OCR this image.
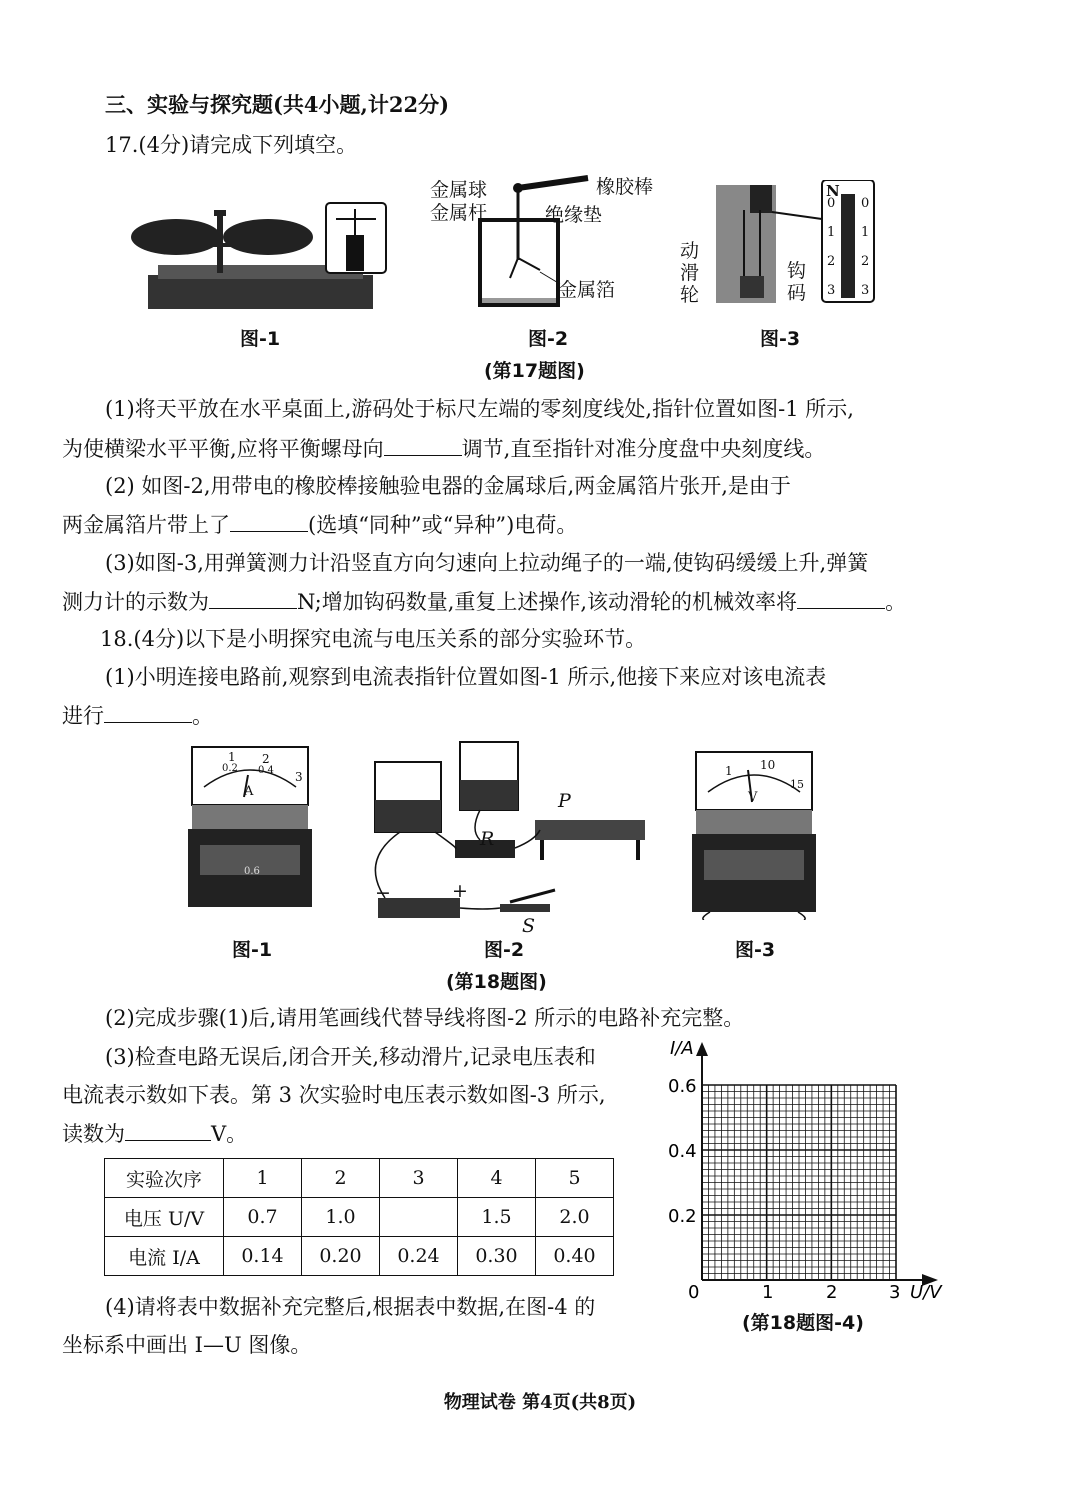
三、实验与探究题(共4小题,计22分)
17.(4分)请完成下列填空。
金属球
金属杆
橡胶棒
绝缘垫
金属箔
N
0
1
2
3
0
1
2
3
动滑轮
钩码
图-1	图-2	图-3
(第17题图)
(1)将天平放在水平桌面上,游码处于标尺左端的零刻度线处,指针位置如图-1 所示,
为使横梁水平平衡,应将平衡螺母向	调节,直至指针对准分度盘中央刻度线。
(2) 如图-2,用带电的橡胶棒接触验电器的金属球后,两金属箔片张开,是由于
两金属箔片带上了	(选填“同种”或“异种”)电荷。
(3)如图-3,用弹簧测力计沿竖直方向匀速向上拉动绳子的一端,使钩码缓缓上升,弹簧
测力计的示数为	N;增加钩码数量,重复上述操作,该动滑轮的机械效率将	。
18.(4分)以下是小明探究电流与电压关系的部分实验环节。
(1)小明连接电路前,观察到电流表指针位置如图-1 所示,他接下来应对该电流表
进行	。
1 2
0.2 0.4 3
A
0.6
P
R
S
−	+
10
1
V
15
图-1	图-2	图-3
(第18题图)
(2)完成步骤(1)后,请用笔画线代替导线将图-2 所示的电路补充完整。
(3)检查电路无误后,闭合开关,移动滑片,记录电压表和
电流表示数如下表。第 3 次实验时电压表示数如图-3 所示,
读数为	V。
实验次序	1	2	3	4	5
电压 U/V	0.7	1.0		1.5	2.0
电流 I/A	0.14	0.20	0.24	0.30	0.40
(4)请将表中数据补充完整后,根据表中数据,在图-4 的
坐标系中画出 I—U 图像。
I/A
U/V
0
0.2
0.4
0.6
1	2	3
(第18题图-4)
物理试卷 第4页(共8页)
